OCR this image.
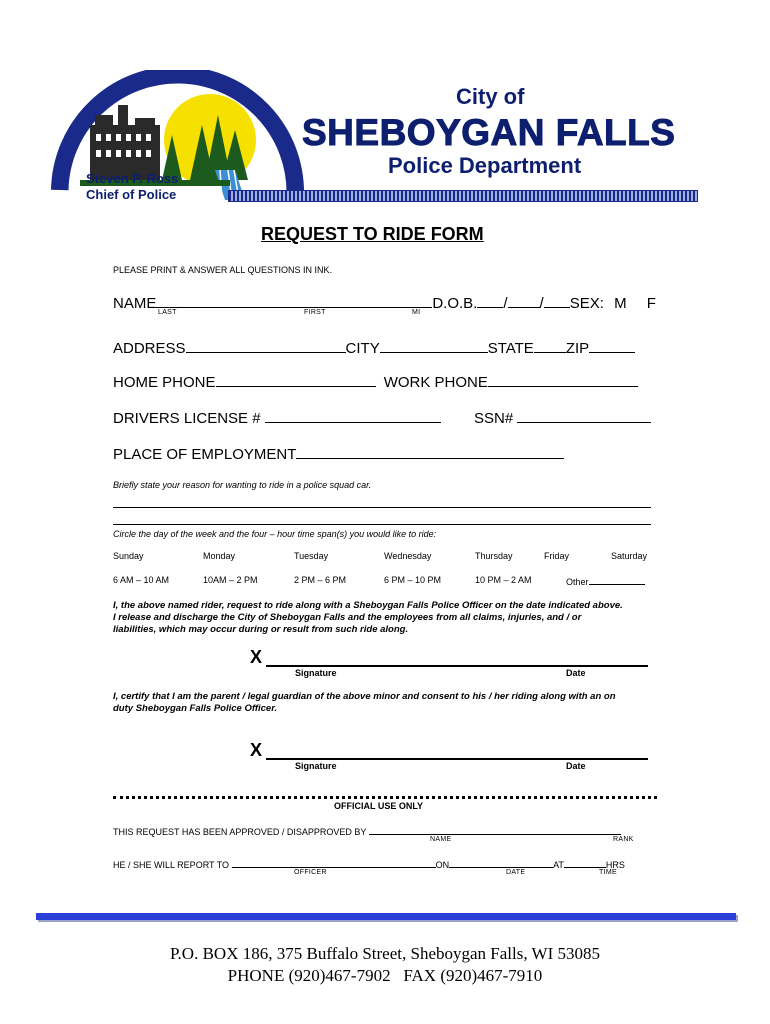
City of
SHEBOYGAN FALLS
Police Department
Steven P. Ross
Chief of Police
REQUEST TO RIDE FORM
PLEASE PRINT & ANSWER ALL QUESTIONS IN INK.
NAME	D.O.B. / / SEX: M F
LAST	FIRST	MI
ADDRESS	CITY	STATE ZIP
HOME PHONE	WORK PHONE
DRIVERS LICENSE #	SSN#
PLACE OF EMPLOYMENT
Briefly state your reason for wanting to ride in a police squad car.
Circle the day of the week and the four – hour time span(s) you would like to ride:
Sunday	Monday	Tuesday	Wednesday	Thursday	Friday	Saturday
6 AM – 10 AM	10AM – 2 PM	2 PM – 6 PM	6 PM – 10 PM	10 PM – 2 AM	Other
I, the above named rider, request to ride along with a Sheboygan Falls Police Officer on the date indicated above.
I release and discharge the City of Sheboygan Falls and the employees from all claims, injuries, and / or
liabilities, which may occur during or result from such ride along.
X
Signature	Date
I, certify that I am the parent / legal guardian of the above minor and consent to his / her riding along with an on
duty Sheboygan Falls Police Officer.
X
Signature	Date
OFFICIAL USE ONLY
THIS REQUEST HAS BEEN APPROVED / DISAPPROVED BY
NAME	RANK
HE / SHE WILL REPORT TO	ON	AT	HRS
OFFICER	DATE	TIME
P.O. BOX 186, 375 Buffalo Street, Sheboygan Falls, WI 53085
PHONE (920)467-7902   FAX (920)467-7910
